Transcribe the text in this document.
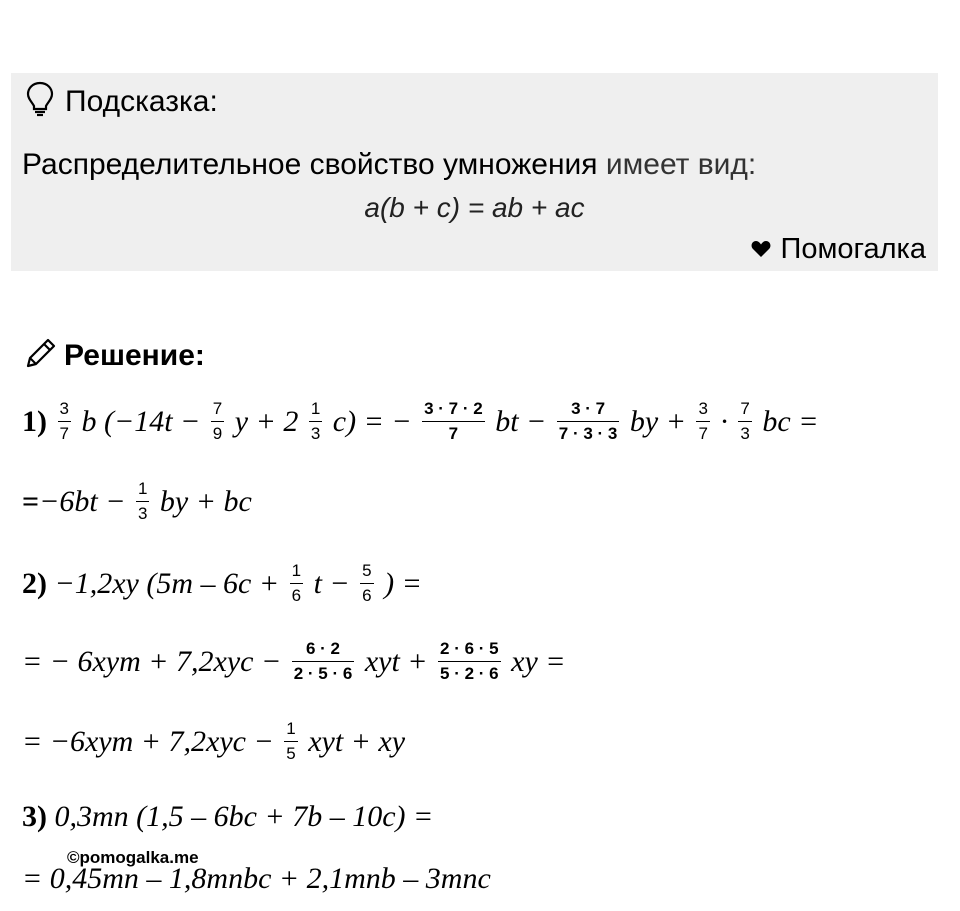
Подсказка:
Распределительное свойство умножения имеет вид:
a(b + c) = ab + ac
Помогалка
Решение:
$1) \frac{3}{7}$ b ($-14t - \frac{7}{9}$ $y + 2 \frac{1}{3} c$) = − $\frac{3 \cdot 7 \cdot 2}{7}$ bt − $\frac{3 \cdot 7}{7 \cdot 3 \cdot 3}$ by + $\frac{3}{7} \cdot \frac{7}{3}$ bc =
$=-6bt - \frac{1}{3}$ by + bc
2) −1,2xy ($5m - 6c + \frac{1}{6}$ $t - \frac{5}{6}$ ) =
= − $6xym + 7,2xyc - \frac{6 \cdot 2}{2 \cdot 5 \cdot 6}$ xyt + $\frac{2 \cdot 6 \cdot 5}{5 \cdot 2 \cdot 6}$ xy =
= $-6xym + 7,2xyc - \frac{1}{5}$ xyt + xy
3) 0,3mn (1,5 – 6bc + 7b – 10c) =
= 0,45mn – 1,8mnbc + 2,1mnb – 3mnc
©pomogalka.me
